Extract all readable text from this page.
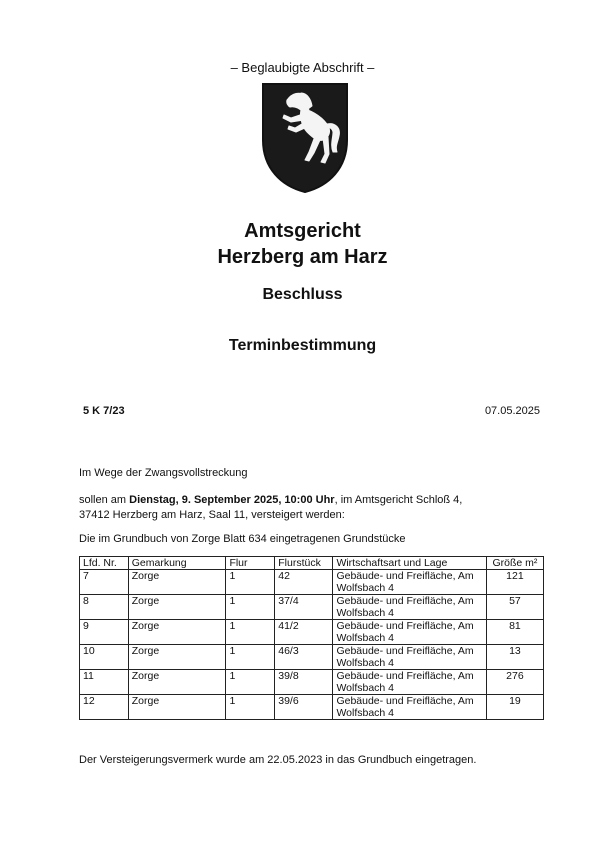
– Beglaubigte Abschrift –
Amtsgericht
Herzberg am Harz
Beschluss
Terminbestimmung
5 K 7/23	07.05.2025
Im Wege der Zwangsvollstreckung
sollen am Dienstag, 9. September 2025, 10:00 Uhr, im Amtsgericht Schloß 4,
37412 Herzberg am Harz, Saal 11, versteigert werden:
Die im Grundbuch von Zorge Blatt 634 eingetragenen Grundstücke
Lfd. Nr.	Gemarkung	Flur	Flurstück	Wirtschaftsart und Lage	Größe m²
7	Zorge	1	42	Gebäude- und Freifläche, Am Wolfsbach 4	121
8	Zorge	1	37/4	Gebäude- und Freifläche, Am Wolfsbach 4	57
9	Zorge	1	41/2	Gebäude- und Freifläche, Am Wolfsbach 4	81
10	Zorge	1	46/3	Gebäude- und Freifläche, Am Wolfsbach 4	13
11	Zorge	1	39/8	Gebäude- und Freifläche, Am Wolfsbach 4	276
12	Zorge	1	39/6	Gebäude- und Freifläche, Am Wolfsbach 4	19
Der Versteigerungsvermerk wurde am 22.05.2023 in das Grundbuch eingetragen.
